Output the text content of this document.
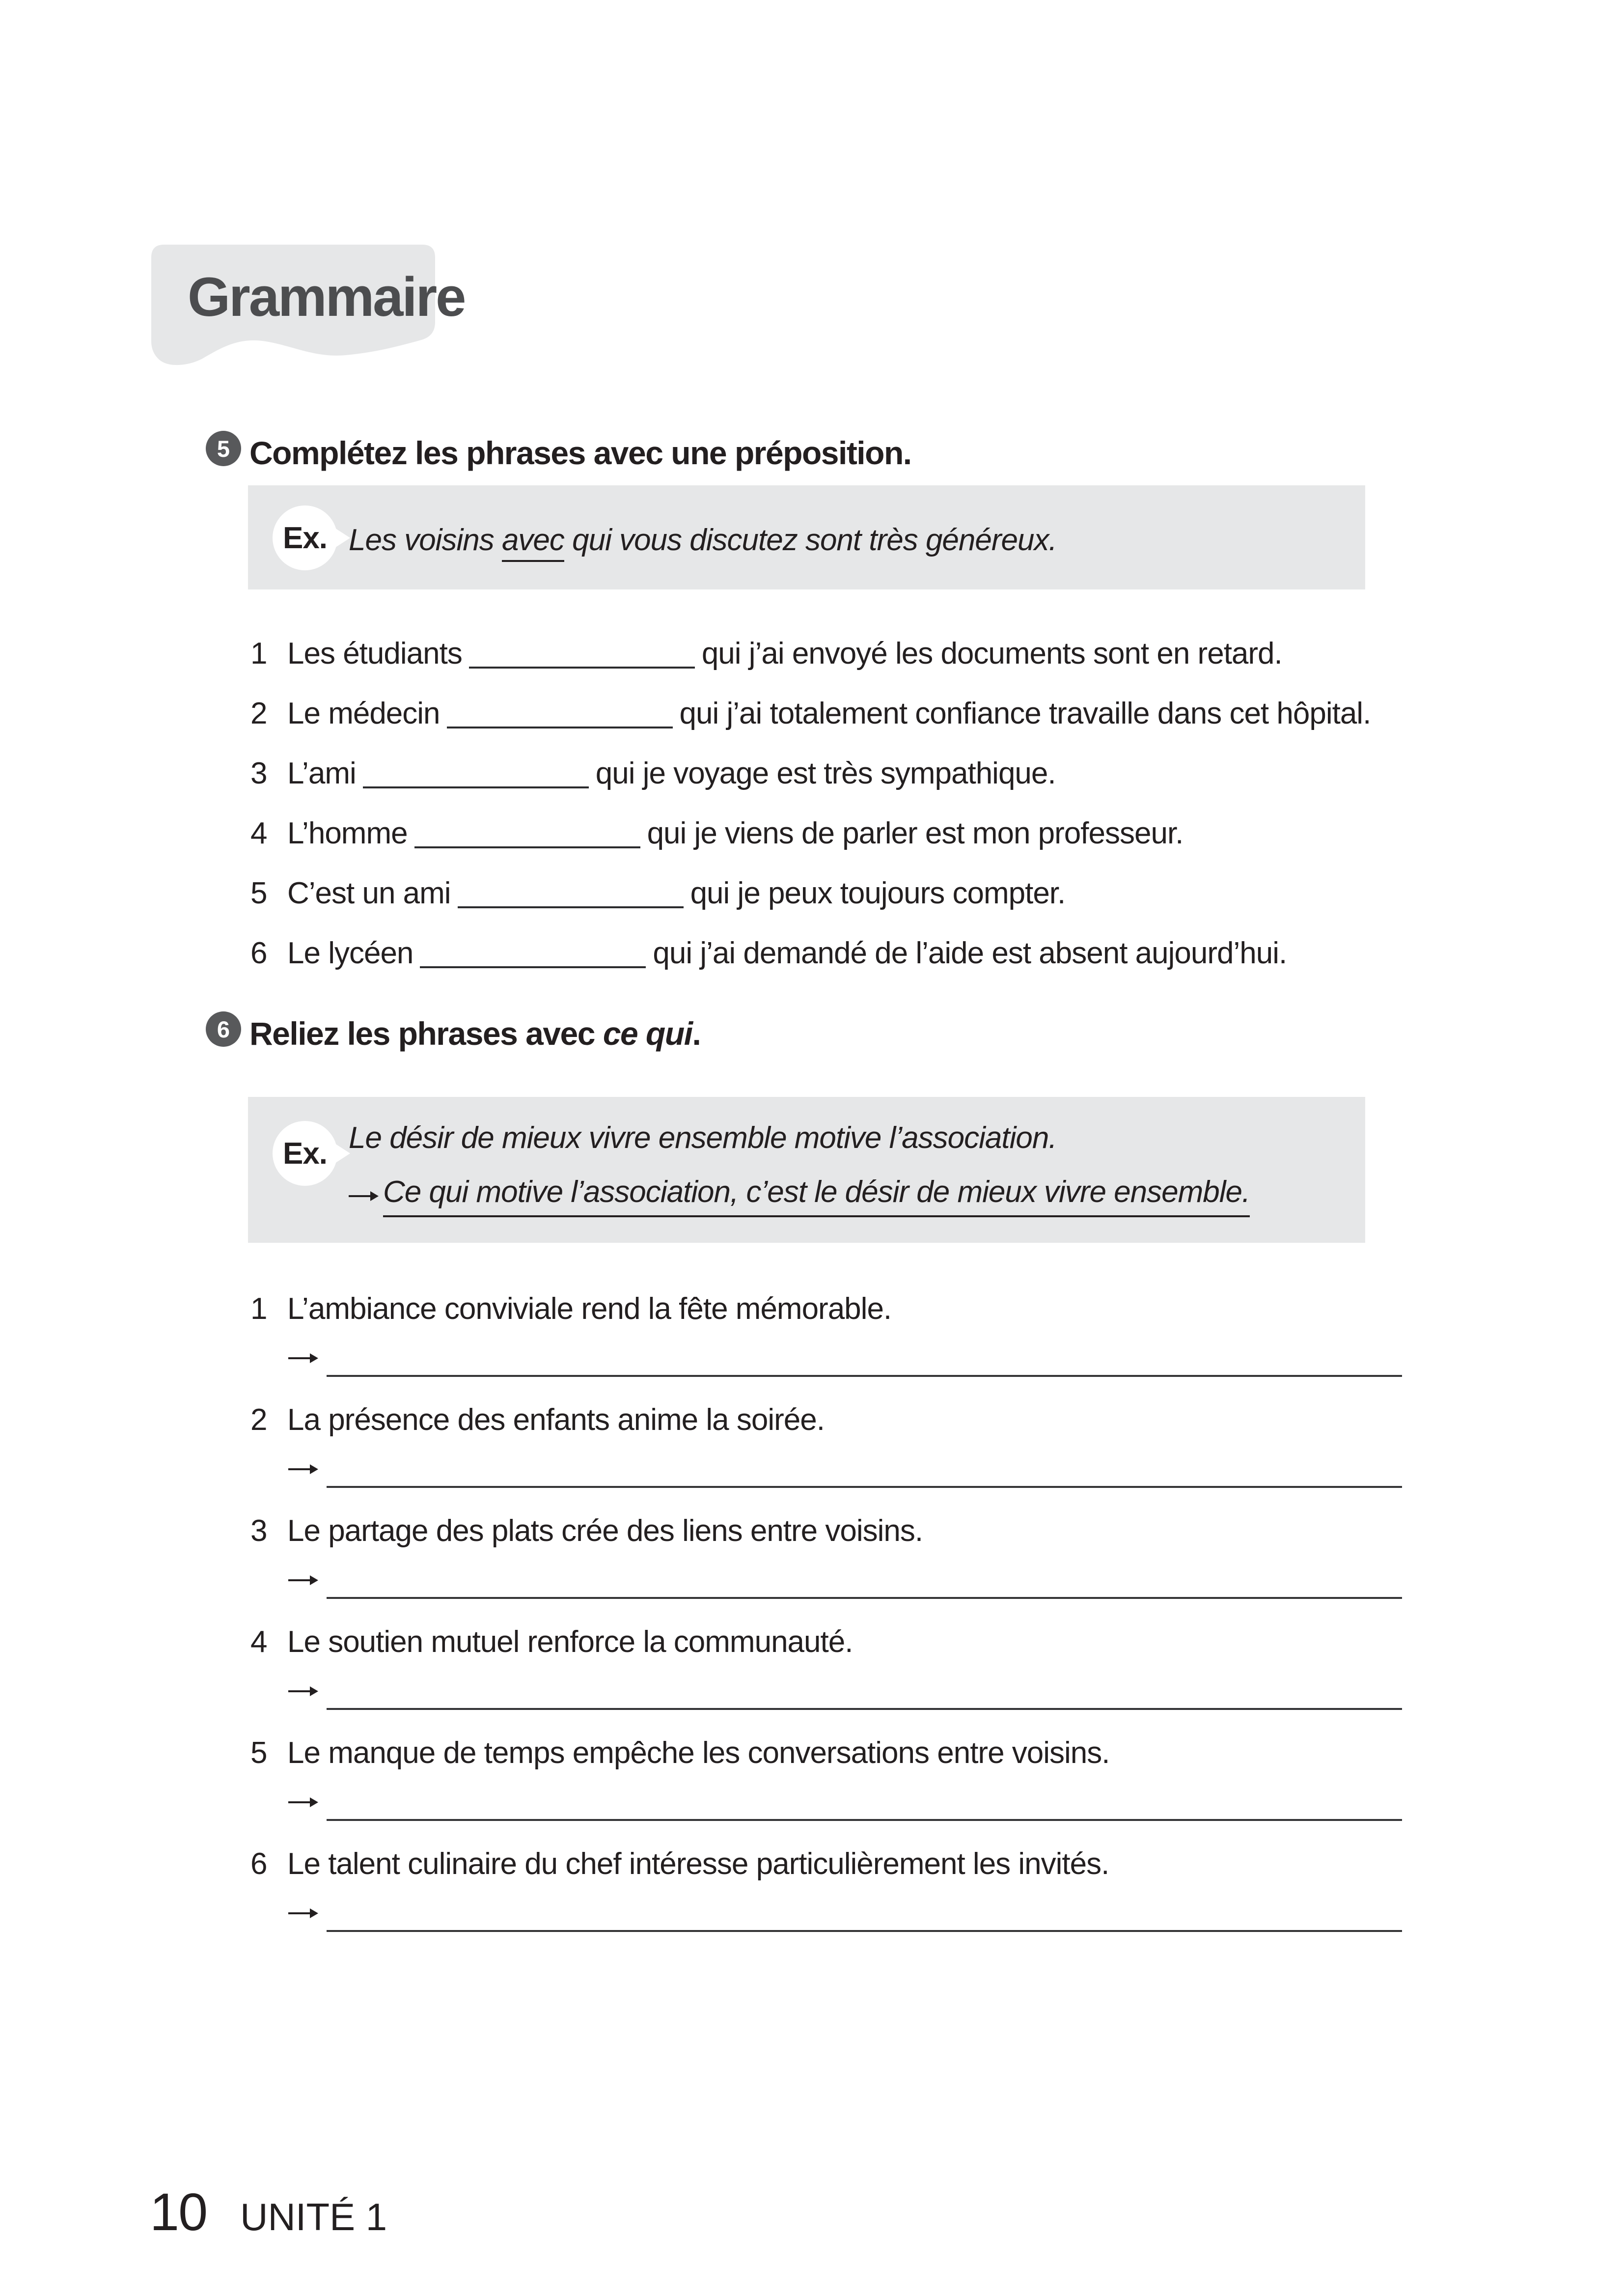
Grammaire
5 Complétez les phrases avec une préposition.
Ex. Les voisins avec qui vous discutez sont très généreux.

1 Les étudiants	qui j’ai envoyé les documents sont en retard.
2 Le médecin	qui j’ai totalement confiance travaille dans cet hôpital.
3 L’ami	qui je voyage est très sympathique.
4 L’homme	qui je viens de parler est mon professeur.
5 C’est un ami	qui je peux toujours compter.
6 Le lycéen	qui j’ai demandé de l’aide est absent aujourd’hui.
6 Reliez les phrases avec ce qui.
Ex. Le désir de mieux vivre ensemble motive l’association.

Ce qui motive l’association, c’est le désir de mieux vivre ensemble.
1 L’ambiance conviviale rend la fête mémorable.
2 La présence des enfants anime la soirée.
3 Le partage des plats crée des liens entre voisins.
4 Le soutien mutuel renforce la communauté.
5 Le manque de temps empêche les conversations entre voisins.
6 Le talent culinaire du chef intéresse particulièrement les invités.
10 UNITÉ 1
